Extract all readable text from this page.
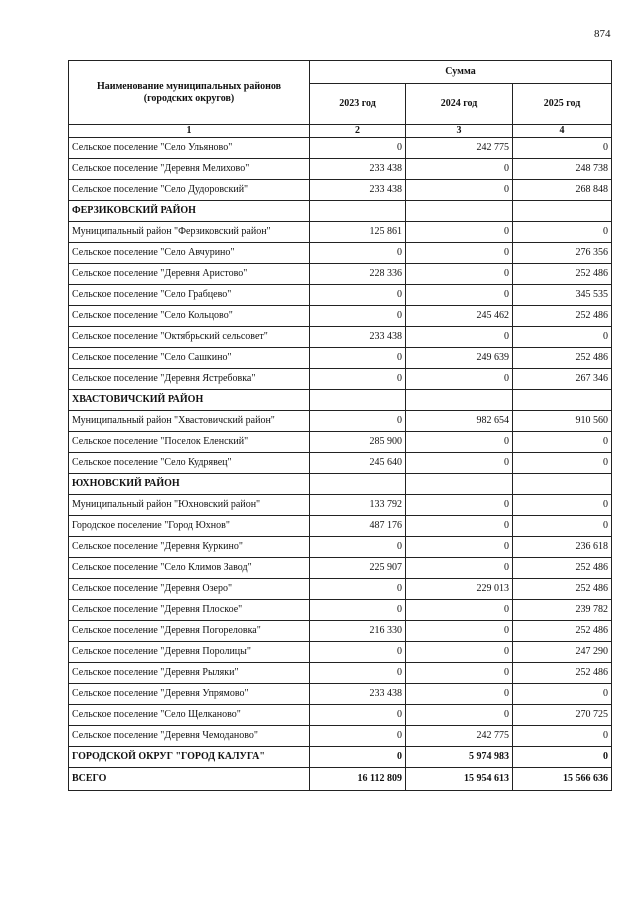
874
Наименование муниципальных районов (городских округов)	Сумма		
	2023 год	2024 год	2025 год
1	2	3	4
Сельское поселение "Село Ульяново"	0	242 775	0
Сельское поселение "Деревня Мелихово"	233 438	0	248 738
Сельское поселение "Село Дудоровский"	233 438	0	268 848
ФЕРЗИКОВСКИЙ РАЙОН			
Муниципальный район "Ферзиковский район"	125 861	0	0
Сельское поселение "Село Авчурино"	0	0	276 356
Сельское поселение "Деревня Аристово"	228 336	0	252 486
Сельское поселение "Село Грабцево"	0	0	345 535
Сельское поселение "Село Кольцово"	0	245 462	252 486
Сельское поселение "Октябрьский сельсовет"	233 438	0	0
Сельское поселение "Село Сашкино"	0	249 639	252 486
Сельское поселение "Деревня Ястребовка"	0	0	267 346
ХВАСТОВИЧСКИЙ РАЙОН			
Муниципальный район "Хвастовичский район"	0	982 654	910 560
Сельское поселение "Поселок Еленский"	285 900	0	0
Сельское поселение "Село Кудрявец"	245 640	0	0
ЮХНОВСКИЙ РАЙОН			
Муниципальный район "Юхновский район"	133 792	0	0
Городское поселение "Город Юхнов"	487 176	0	0
Сельское поселение "Деревня Куркино"	0	0	236 618
Сельское поселение "Село Климов Завод"	225 907	0	252 486
Сельское поселение "Деревня Озеро"	0	229 013	252 486
Сельское поселение "Деревня Плоское"	0	0	239 782
Сельское поселение "Деревня Погореловка"	216 330	0	252 486
Сельское поселение "Деревня Поролицы"	0	0	247 290
Сельское поселение "Деревня Рыляки"	0	0	252 486
Сельское поселение "Деревня Упрямово"	233 438	0	0
Сельское поселение "Село Щелканово"	0	0	270 725
Сельское поселение "Деревня Чемоданово"	0	242 775	0
ГОРОДСКОЙ ОКРУГ "ГОРОД КАЛУГА"	0	5 974 983	0
ВСЕГО	16 112 809	15 954 613	15 566 636
